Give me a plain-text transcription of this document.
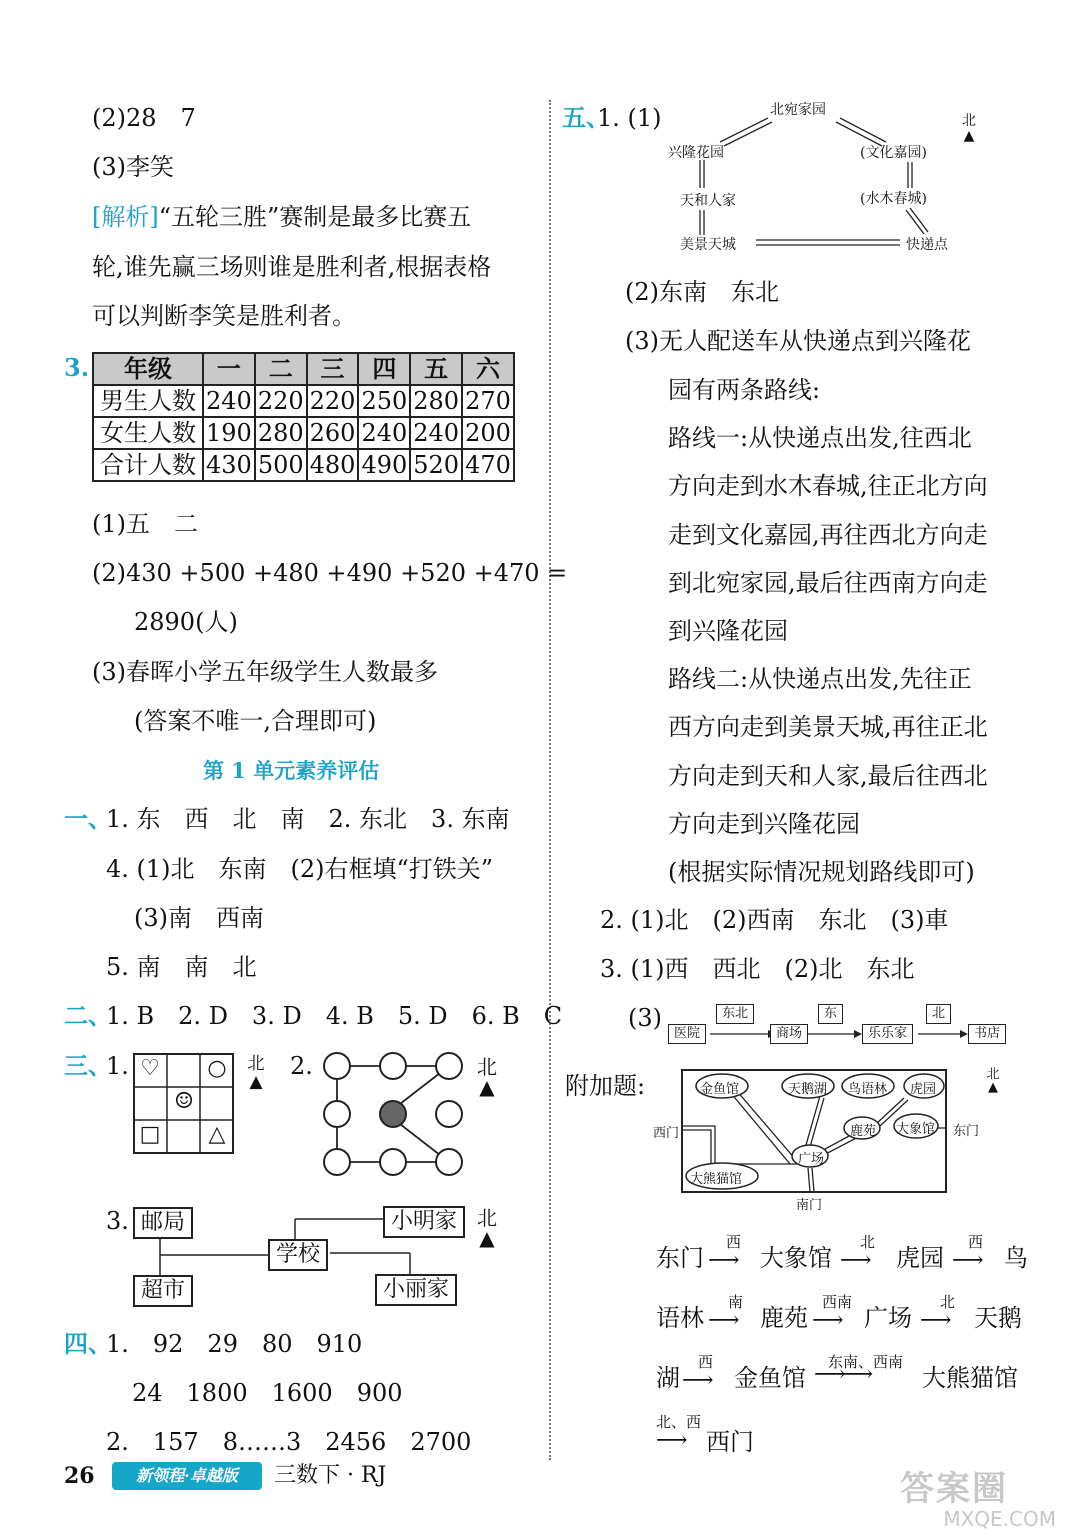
(2)28　7
(3)李笑
[解析]“五轮三胜”赛制是最多比赛五
轮,谁先赢三场则谁是胜利者,根据表格
可以判断李笑是胜利者。
3. 年级	一	二	三	四	五	六
男生人数	240	220	220	250	280	270
女生人数	190	280	260	240	240	200
合计人数	430	500	480	490	520	470
(1)五　二
(2)430 +500 +480 +490 +520 +470 =
2890(人)
(3)春晖小学五年级学生人数最多
(答案不唯一,合理即可)
第 1 单元素养评估
一、
1. 东　西　北　南　2. 东北　3. 东南
4. (1)北　东南　(2)右框填“打铁关”
(3)南　西南
5. 南　南　北
二、
1. B　2. D　3. D　4. B　5. D　6. B　C
三、
1. ♡	○
☺
□	△
北
▲
2.	北
▲
3. 邮局	小明家
学校
超市	小丽家
北
▲
四、
1.　92　29　80　910
24　1800　1600　900
2.　157　8……3　2456　2700
五、
1. (1)	北宛家园
兴隆花园	(文化嘉园)
天和人家	(水木春城)
美景天城	快递点
北
▲
(2)东南　东北
(3)无人配送车从快递点到兴隆花
园有两条路线:
路线一:从快递点出发,往西北
方向走到水木春城,往正北方向
走到文化嘉园,再往西北方向走
到北宛家园,最后往西南方向走
到兴隆花园
路线二:从快递点出发,先往正
西方向走到美景天城,再往正北
方向走到天和人家,最后往西北
方向走到兴隆花园
(根据实际情况规划路线即可)
2. (1)北　(2)西南　东北　(3)車
3. (1)西　西北　(2)北　东北
(3)
医院
东北
商场
东
乐乐家
北
书店
附加题:	金鱼馆	天鹅湖 鸟语林 虎园
鹿苑 大象馆
广场
大熊猫馆
西门	东门
南门
北
▲
东门
西
⟶ 大象馆
北
⟶ 虎园
西
⟶ 鸟
语林
南
⟶ 鹿苑
西南
⟶ 广场
北
⟶ 天鹅
湖
西
⟶ 金鱼馆
东南、西南
⟶⟶ 大熊猫馆
北、西
⟶ 西门
26	新领程·卓越版	三数下 · RJ	答案圈
MXQE.COM
